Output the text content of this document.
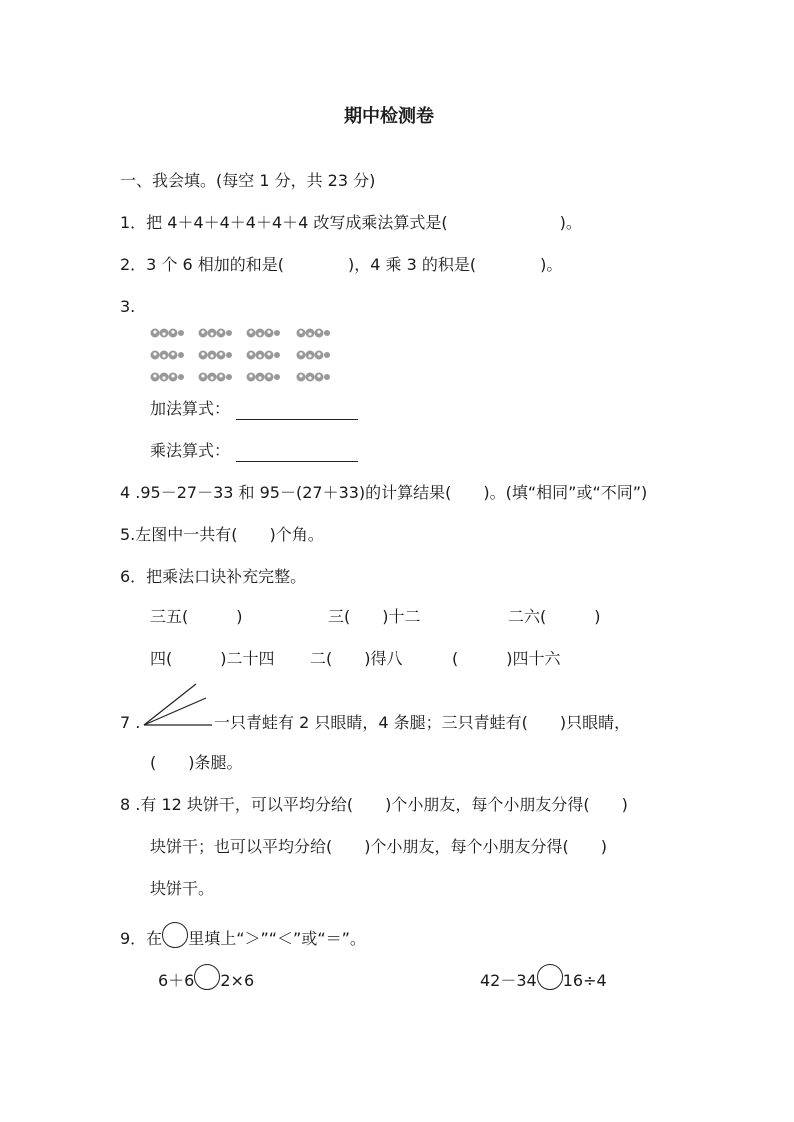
期中检测卷
一、我会填。(每空 1 分，共 23 分)
1．把 4＋4＋4＋4＋4＋4 改写成乘法算式是(　　　　　　　)。
2．3 个 6 相加的和是(　　　　)，4 乘 3 的积是(　　　　)。
3.
加法算式：
乘法算式：
4 .95－27－33 和 95－(27＋33)的计算结果(　　)。(填“相同”或“不同”)
5.左图中一共有(　　)个角。
6．把乘法口诀补充完整。
三五(　　　)	三(　　)十二	二六(　　　)
四(　　　)二十四 二(　　)得八	(　　　)四十六
7 .	一只青蛙有 2 只眼睛，4 条腿；三只青蛙有(　　)只眼睛，
(　　)条腿。
8 .有 12 块饼干，可以平均分给(　　)个小朋友，每个小朋友分得(　　)
块饼干；也可以平均分给(　　)个小朋友，每个小朋友分得(　　)
块饼干。
9．在 里填上“＞”“＜”或“＝”。
6＋6 2×6	42－34 16÷4
